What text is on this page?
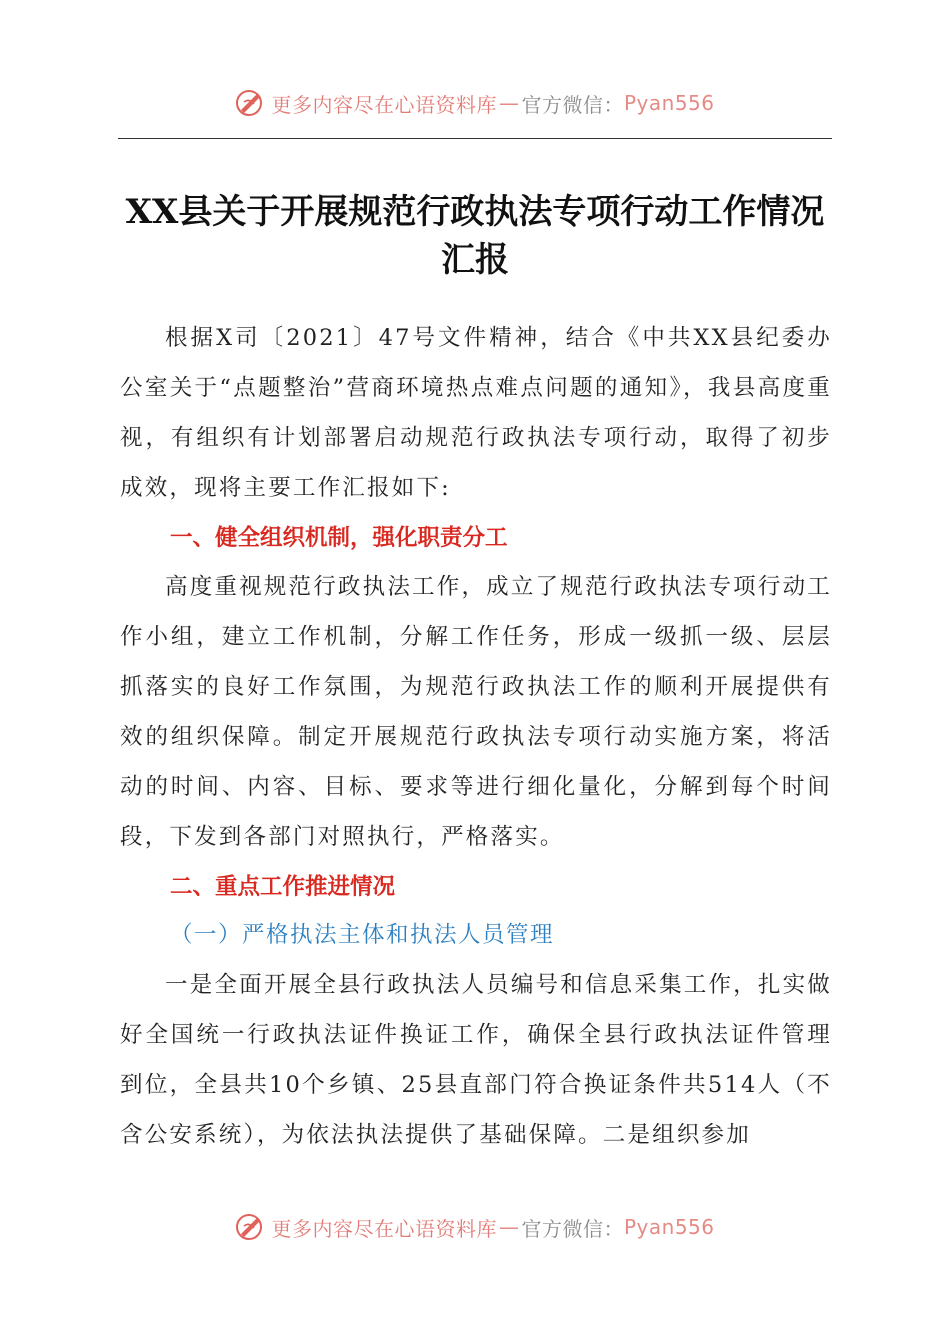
更多内容尽在心语资料库 — 官方微信： Pyan556
XX县关于开展规范行政执法专项行动工作情况汇报
根据X司〔2021〕47号文件精神，结合《中共XX县纪委办公室关于“点题整治”营商环境热点难点问题的通知》，我县高度重视，有组织有计划部署启动规范行政执法专项行动，取得了初步成效，现将主要工作汇报如下:
一、健全组织机制，强化职责分工
高度重视规范行政执法工作，成立了规范行政执法专项行动工作小组，建立工作机制，分解工作任务，形成一级抓一级、层层抓落实的良好工作氛围，为规范行政执法工作的顺利开展提供有效的组织保障。制定开展规范行政执法专项行动实施方案，将活动的时间、内容、目标、要求等进行细化量化，分解到每个时间段，下发到各部门对照执行，严格落实。
二、重点工作推进情况
（一）严格执法主体和执法人员管理
一是全面开展全县行政执法人员编号和信息采集工作，扎实做好全国统一行政执法证件换证工作，确保全县行政执法证件管理到位，全县共10个乡镇、25县直部门符合换证条件共514人（不含公安系统），为依法执法提供了基础保障。二是组织参加
更多内容尽在心语资料库 — 官方微信： Pyan556
